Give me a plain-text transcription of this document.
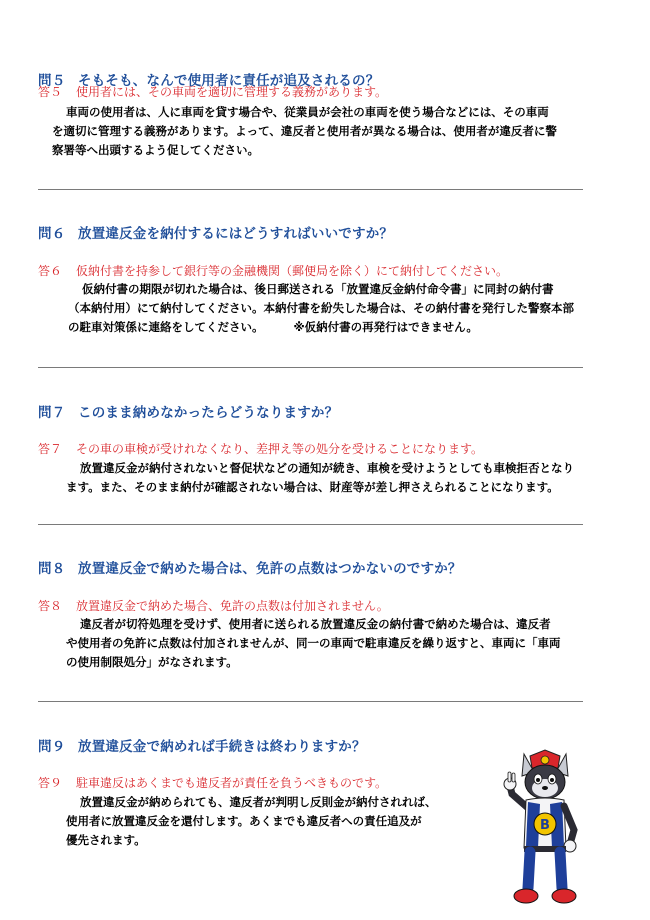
問５ そもそも、なんで使用者に責任が追及されるの？
答５ 使用者には、その車両を適切に管理する義務があります。
車両の使用者は、人に車両を貸す場合や、従業員が会社の車両を使う場合などには、その車両
を適切に管理する義務があります。よって、違反者と使用者が異なる場合は、使用者が違反者に警
察署等へ出頭するよう促してください。
問６ 放置違反金を納付するにはどうすればいいですか？
答６ 仮納付書を持参して銀行等の金融機関（郵便局を除く）にて納付してください。
仮納付書の期限が切れた場合は、後日郵送される「放置違反金納付命令書」に同封の納付書
（本納付用）にて納付してください。本納付書を紛失した場合は、その納付書を発行した警察本部
の駐車対策係に連絡をしてください。	※仮納付書の再発行はできません。
問７ このまま納めなかったらどうなりますか？
答７ その車の車検が受けれなくなり、差押え等の処分を受けることになります。
放置違反金が納付されないと督促状などの通知が続き、車検を受けようとしても車検拒否となり
ます。また、そのまま納付が確認されない場合は、財産等が差し押さえられることになります。
問８ 放置違反金で納めた場合は、免許の点数はつかないのですか？
答８ 放置違反金で納めた場合、免許の点数は付加されません。
違反者が切符処理を受けず、使用者に送られる放置違反金の納付書で納めた場合は、違反者
や使用者の免許に点数は付加されませんが、同一の車両で駐車違反を繰り返すと、車両に「車両
の使用制限処分」がなされます。
問９ 放置違反金で納めれば手続きは終わりますか？
答９ 駐車違反はあくまでも違反者が責任を負うべきものです。
放置違反金が納められても、違反者が判明し反則金が納付されれば、
使用者に放置違反金を還付します。あくまでも違反者への責任追及が
優先されます。
B
